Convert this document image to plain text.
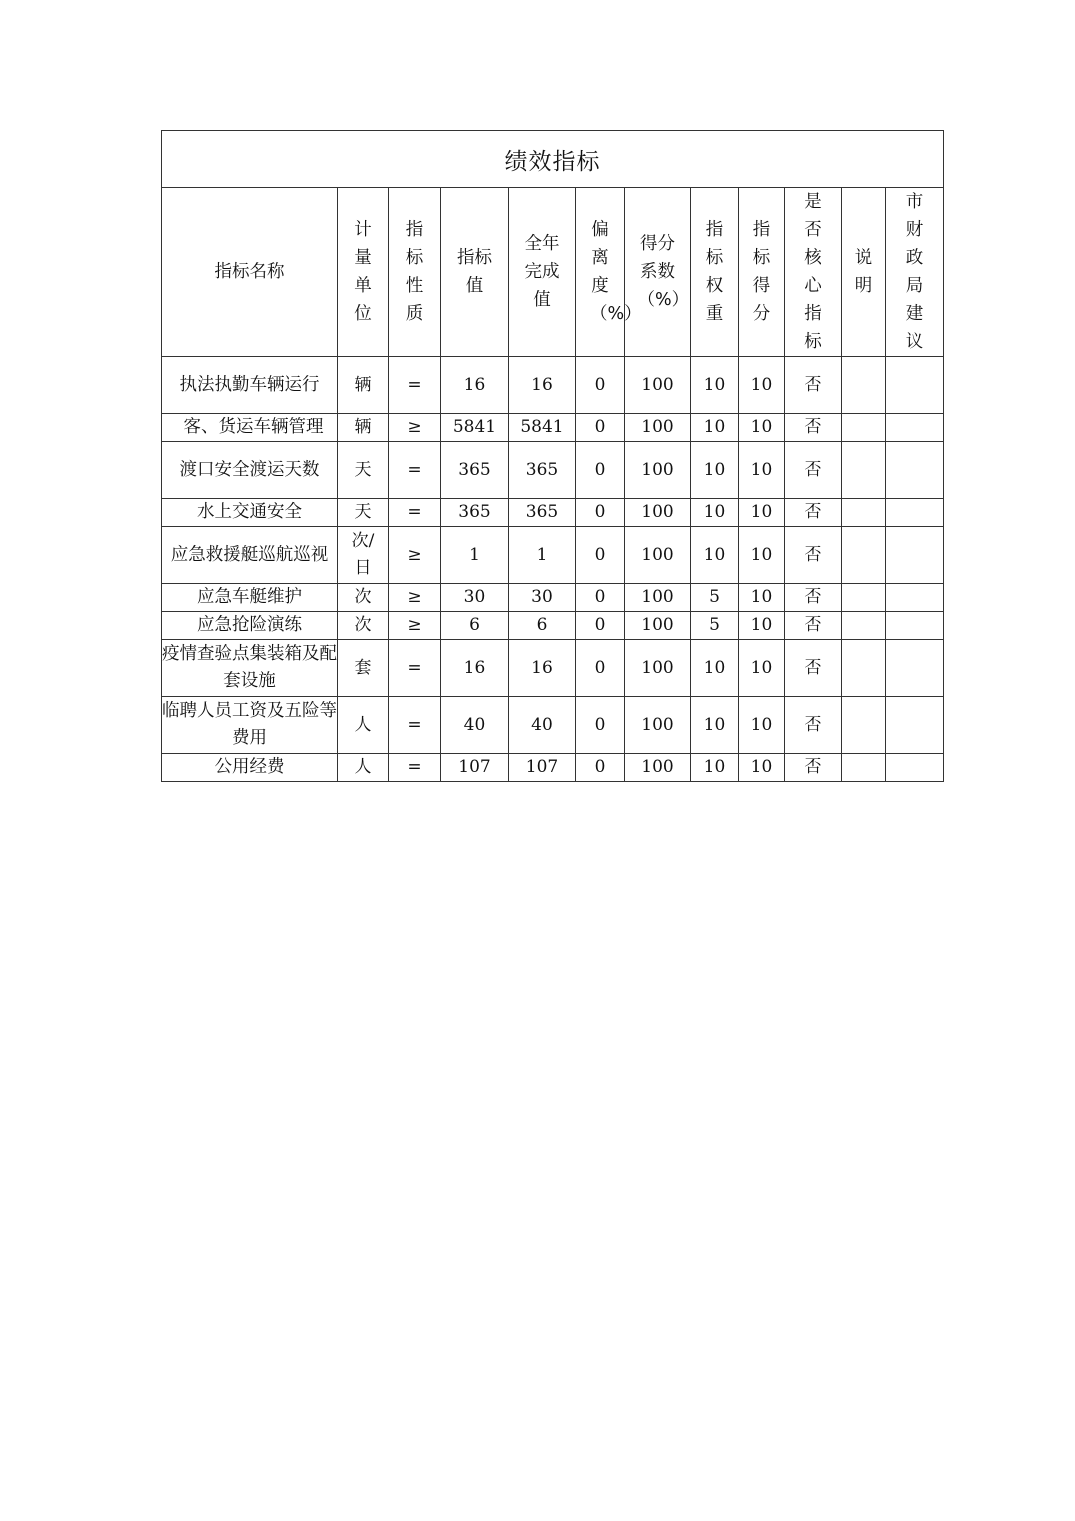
绩效指标											
指标名称	计量单位	指标性质	指标值	全年完成值	偏离度（%）	得分系数（%）	指标权重	指标得分	是否核心指标	说明	市财政局建议
执法执勤车辆运行	辆	=	16	16	0	100	10	10	否		
客、货运车辆管理	辆	≥	5841	5841	0	100	10	10	否		
渡口安全渡运天数	天	=	365	365	0	100	10	10	否		
水上交通安全	天	=	365	365	0	100	10	10	否		
应急救援艇巡航巡视	次/日	≥	1	1	0	100	10	10	否		
应急车艇维护	次	≥	30	30	0	100	5	10	否		
应急抢险演练	次	≥	6	6	0	100	5	10	否		
疫情查验点集装箱及配套设施	套	=	16	16	0	100	10	10	否		
临聘人员工资及五险等费用	人	=	40	40	0	100	10	10	否		
公用经费	人	=	107	107	0	100	10	10	否		
